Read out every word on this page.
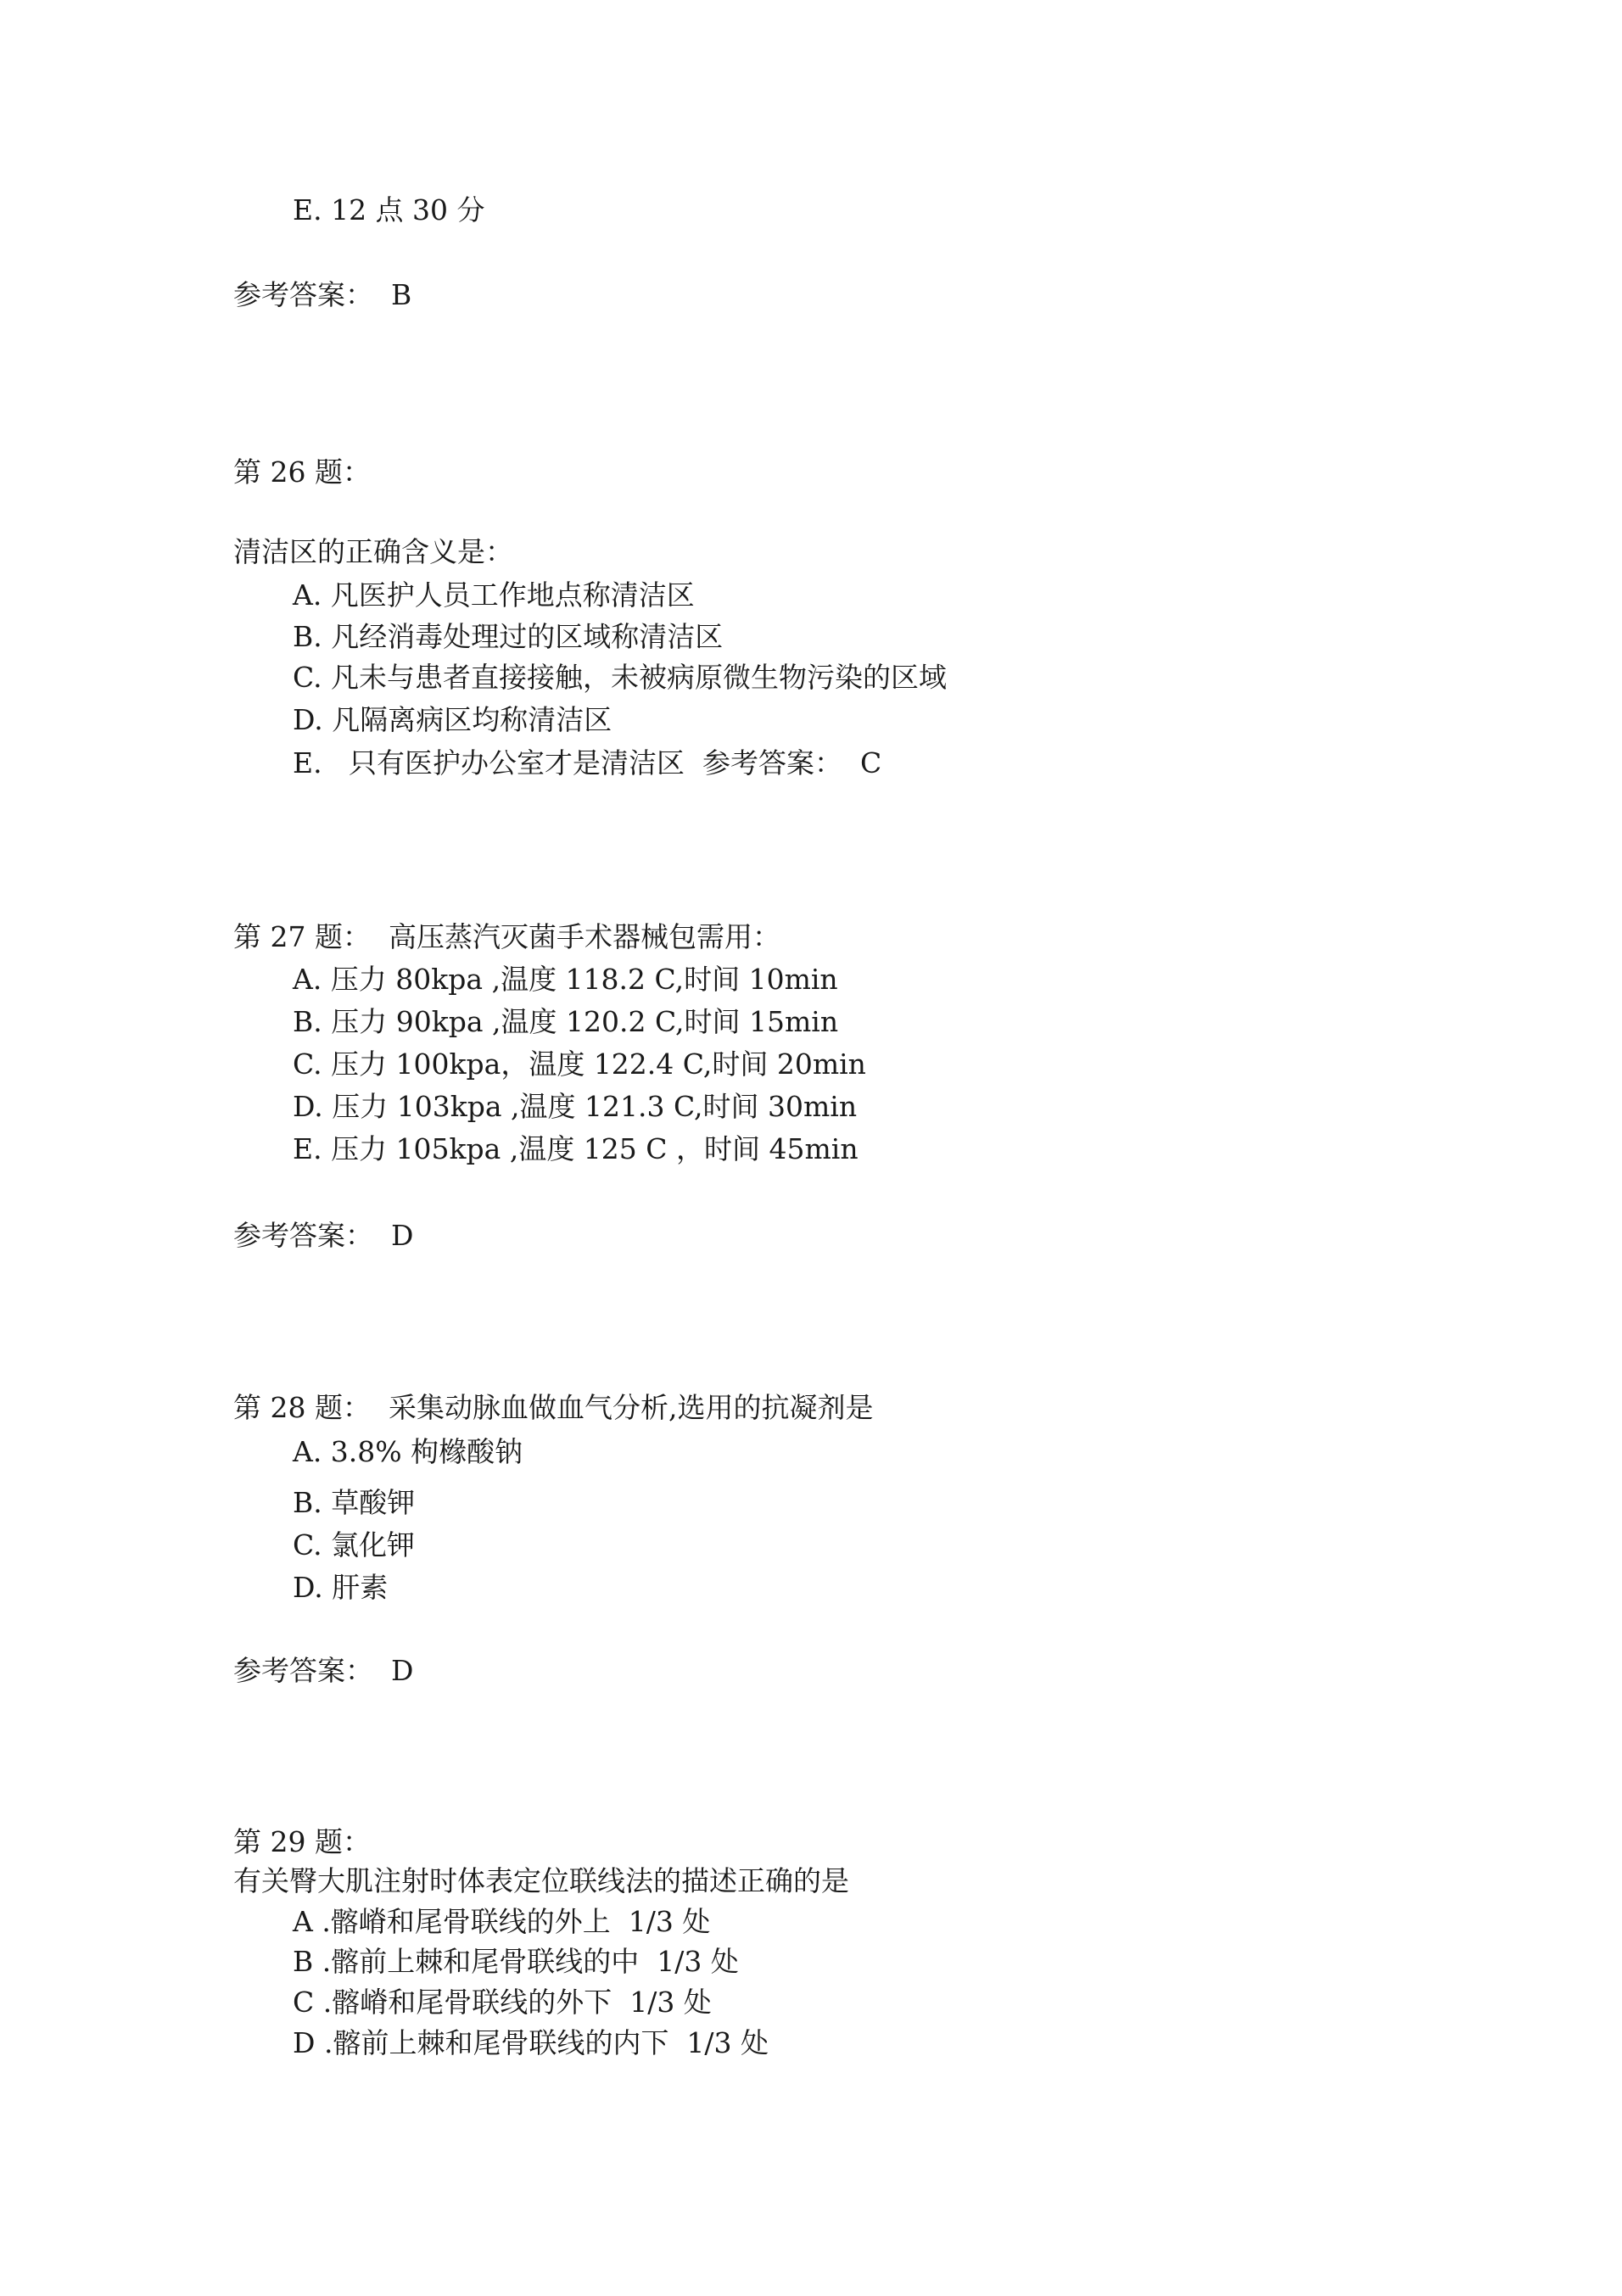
E. 12 点 30 分

参考答案：  B

第 26 题：

清洁区的正确含义是：

A. 凡医护人员工作地点称清洁区

B. 凡经消毒处理过的区域称清洁区

C. 凡未与患者直接接触，未被病原微生物污染的区域

D. 凡隔离病区均称清洁区

E.   只有医护办公室才是清洁区  参考答案：  C

第 27 题：  高压蒸汽灭菌手术器械包需用：

A. 压力 80kpa ,温度 118.2 C,时间 10min

B. 压力 90kpa ,温度 120.2 C,时间 15min

C. 压力 100kpa，温度 122.4 C,时间 20min

D. 压力 103kpa ,温度 121.3 C,时间 30min

E. 压力 105kpa ,温度 125 C ，时间 45min

参考答案：  D

第 28 题：  采集动脉血做血气分析,选用的抗凝剂是

A. 3.8% 枸橼酸钠

B. 草酸钾

C. 氯化钾

D. 肝素

参考答案：  D

第 29 题：

有关臀大肌注射时体表定位联线法的描述正确的是

A .髂嵴和尾骨联线的外上  1/3 处

B .髂前上棘和尾骨联线的中  1/3 处

C .髂嵴和尾骨联线的外下  1/3 处

D .髂前上棘和尾骨联线的内下  1/3 处
